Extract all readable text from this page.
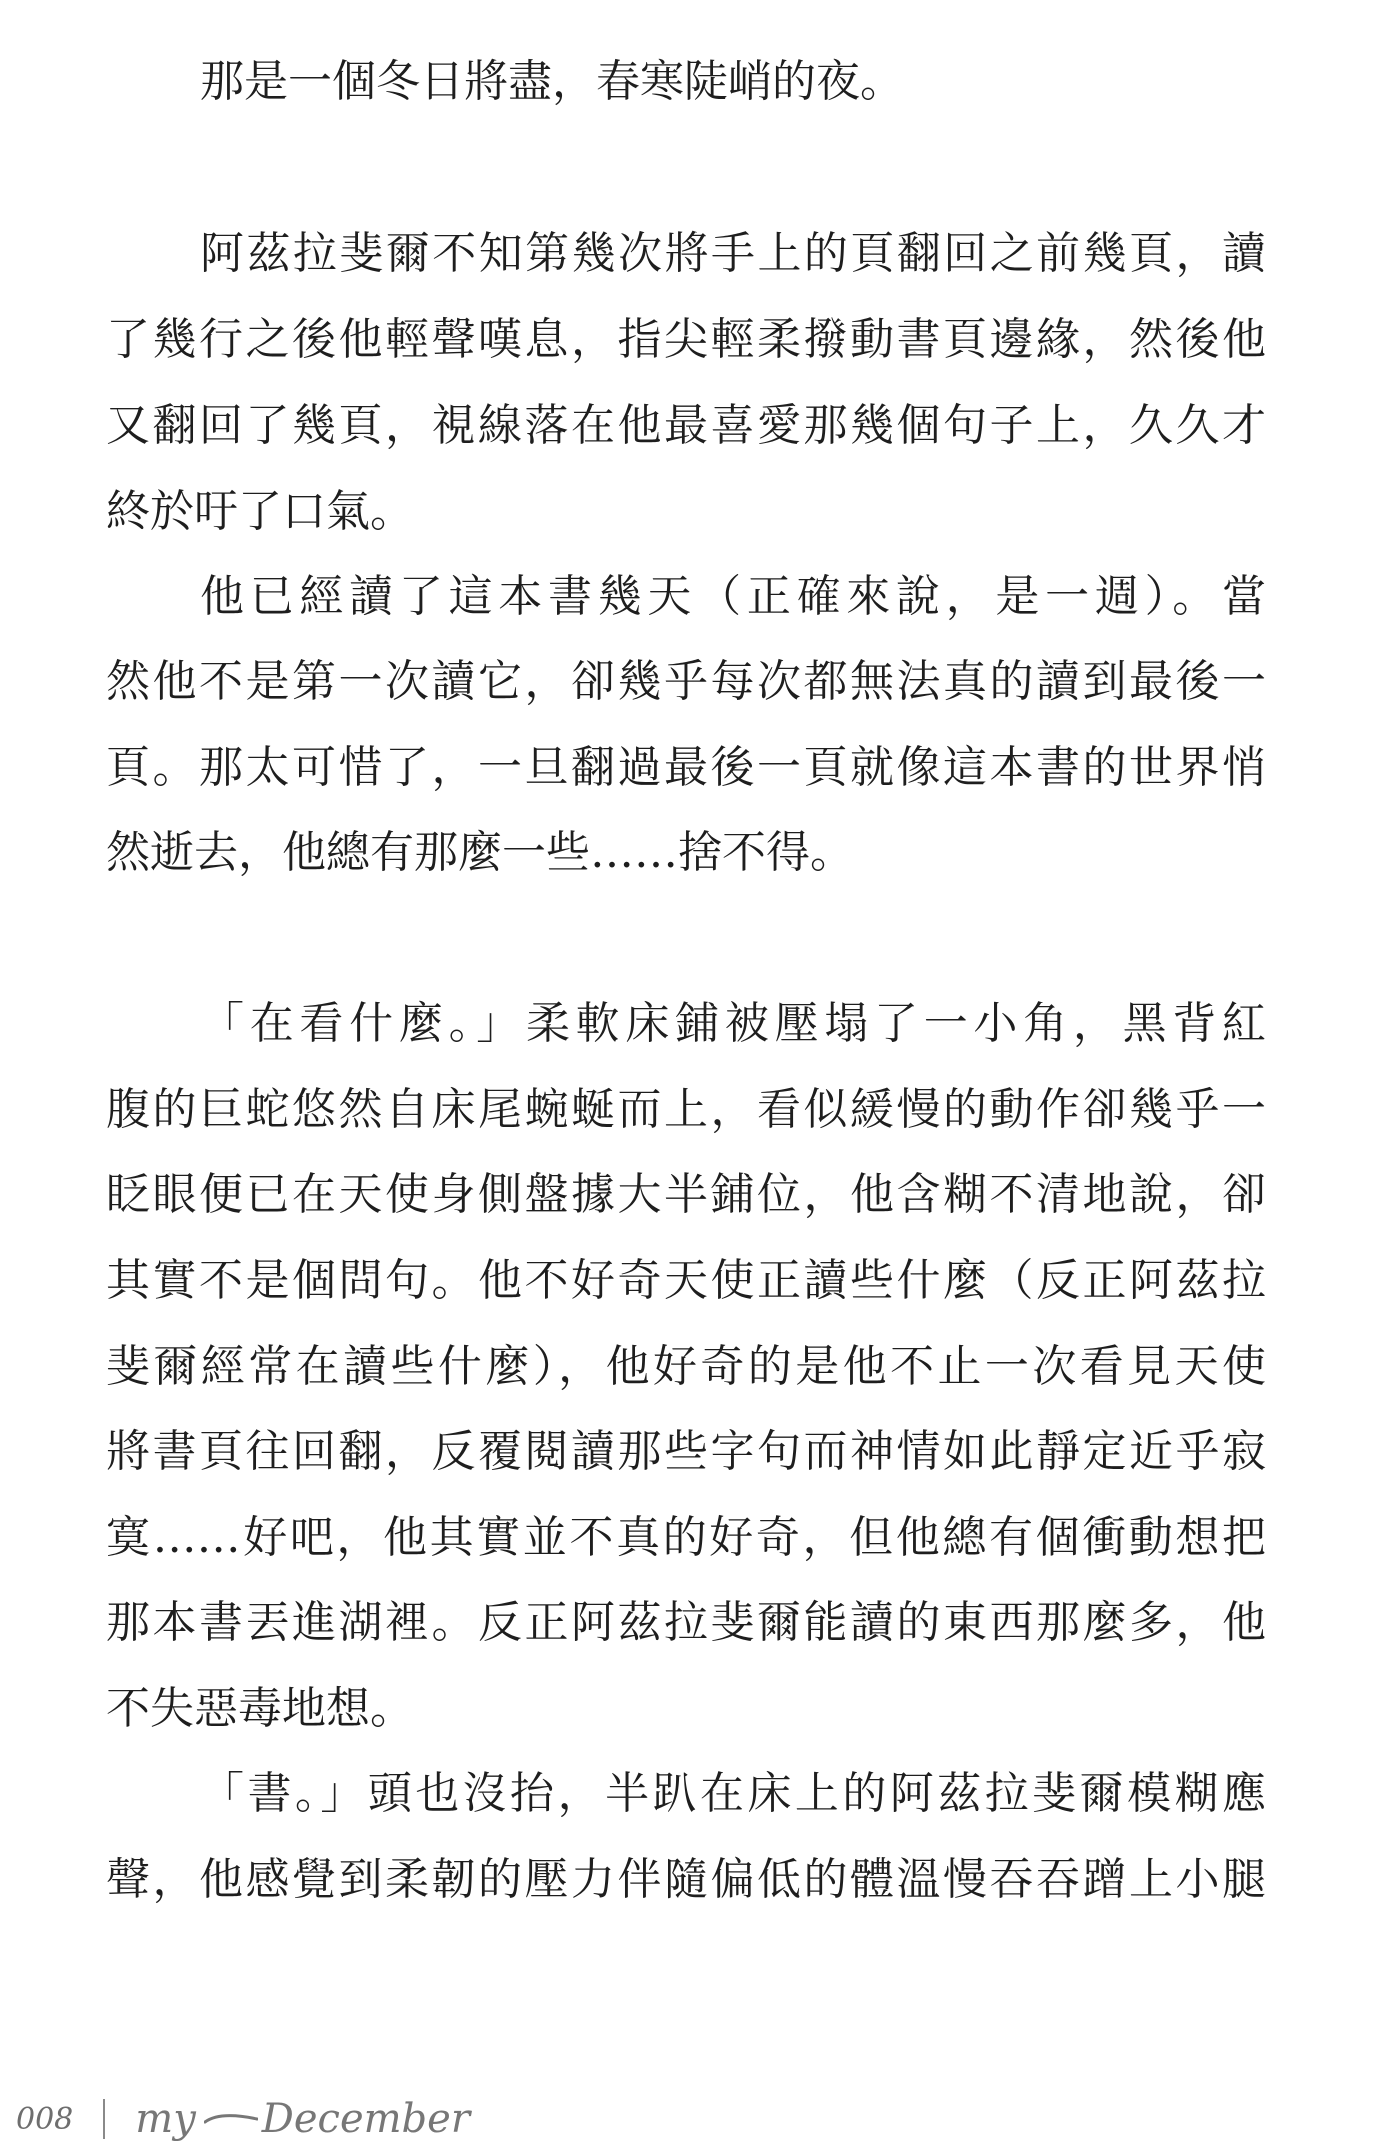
那是一個冬日將盡，春寒陡峭的夜。
阿茲拉斐爾不知第幾次將手上的頁翻回之前幾頁，讀
了幾行之後他輕聲嘆息，指尖輕柔撥動書頁邊緣，然後他
又翻回了幾頁，視線落在他最喜愛那幾個句子上，久久才
終於吁了口氣。
他已經讀了這本書幾天（正確來說，是一週）。當
然他不是第一次讀它，卻幾乎每次都無法真的讀到最後一
頁。那太可惜了，一旦翻過最後一頁就像這本書的世界悄
然逝去，他總有那麼一些……捨不得。
「在看什麼。」柔軟床鋪被壓塌了一小角，黑背紅
腹的巨蛇悠然自床尾蜿蜒而上，看似緩慢的動作卻幾乎一
眨眼便已在天使身側盤據大半鋪位，他含糊不清地說，卻
其實不是個問句。他不好奇天使正讀些什麼（反正阿茲拉
斐爾經常在讀些什麼），他好奇的是他不止一次看見天使
將書頁往回翻，反覆閱讀那些字句而神情如此靜定近乎寂
寞……好吧，他其實並不真的好奇，但他總有個衝動想把
那本書丟進湖裡。反正阿茲拉斐爾能讀的東西那麼多，他
不失惡毒地想。
「書。」頭也沒抬，半趴在床上的阿茲拉斐爾模糊應
聲，他感覺到柔韌的壓力伴隨偏低的體溫慢吞吞蹭上小腿
008 my December
